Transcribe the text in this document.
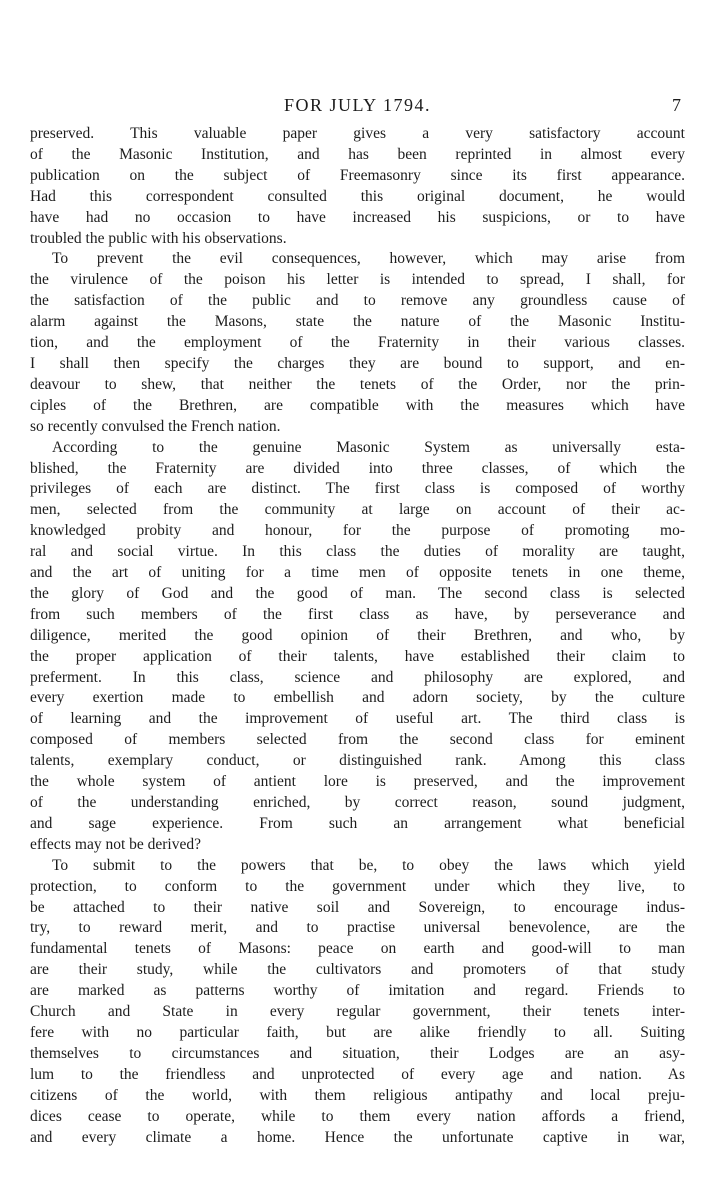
FOR JULY 1794.	7
preserved. This valuable paper gives a very satisfactory account
of the Masonic Institution, and has been reprinted in almost every
publication on the subject of Freemasonry since its first appearance.
Had this correspondent consulted this original document, he would
have had no occasion to have increased his suspicions, or to have
troubled the public with his observations.
To prevent the evil consequences, however, which may arise from
the virulence of the poison his letter is intended to spread, I shall, for
the satisfaction of the public and to remove any groundless cause of
alarm against the Masons, state the nature of the Masonic Institu-
tion, and the employment of the Fraternity in their various classes.
I shall then specify the charges they are bound to support, and en-
deavour to shew, that neither the tenets of the Order, nor the prin-
ciples of the Brethren, are compatible with the measures which have
so recently convulsed the French nation.
According to the genuine Masonic System as universally esta-
blished, the Fraternity are divided into three classes, of which the
privileges of each are distinct. The first class is composed of worthy
men, selected from the community at large on account of their ac-
knowledged probity and honour, for the purpose of promoting mo-
ral and social virtue. In this class the duties of morality are taught,
and the art of uniting for a time men of opposite tenets in one theme,
the glory of God and the good of man. The second class is selected
from such members of the first class as have, by perseverance and
diligence, merited the good opinion of their Brethren, and who, by
the proper application of their talents, have established their claim to
preferment. In this class, science and philosophy are explored, and
every exertion made to embellish and adorn society, by the culture
of learning and the improvement of useful art. The third class is
composed of members selected from the second class for eminent
talents, exemplary conduct, or distinguished rank. Among this class
the whole system of antient lore is preserved, and the improvement
of the understanding enriched, by correct reason, sound judgment,
and sage experience. From such an arrangement what beneficial
effects may not be derived?
To submit to the powers that be, to obey the laws which yield
protection, to conform to the government under which they live, to
be attached to their native soil and Sovereign, to encourage indus-
try, to reward merit, and to practise universal benevolence, are the
fundamental tenets of Masons: peace on earth and good-will to man
are their study, while the cultivators and promoters of that study
are marked as patterns worthy of imitation and regard. Friends to
Church and State in every regular government, their tenets inter-
fere with no particular faith, but are alike friendly to all. Suiting
themselves to circumstances and situation, their Lodges are an asy-
lum to the friendless and unprotected of every age and nation. As
citizens of the world, with them religious antipathy and local preju-
dices cease to operate, while to them every nation affords a friend,
and every climate a home. Hence the unfortunate captive in war,
